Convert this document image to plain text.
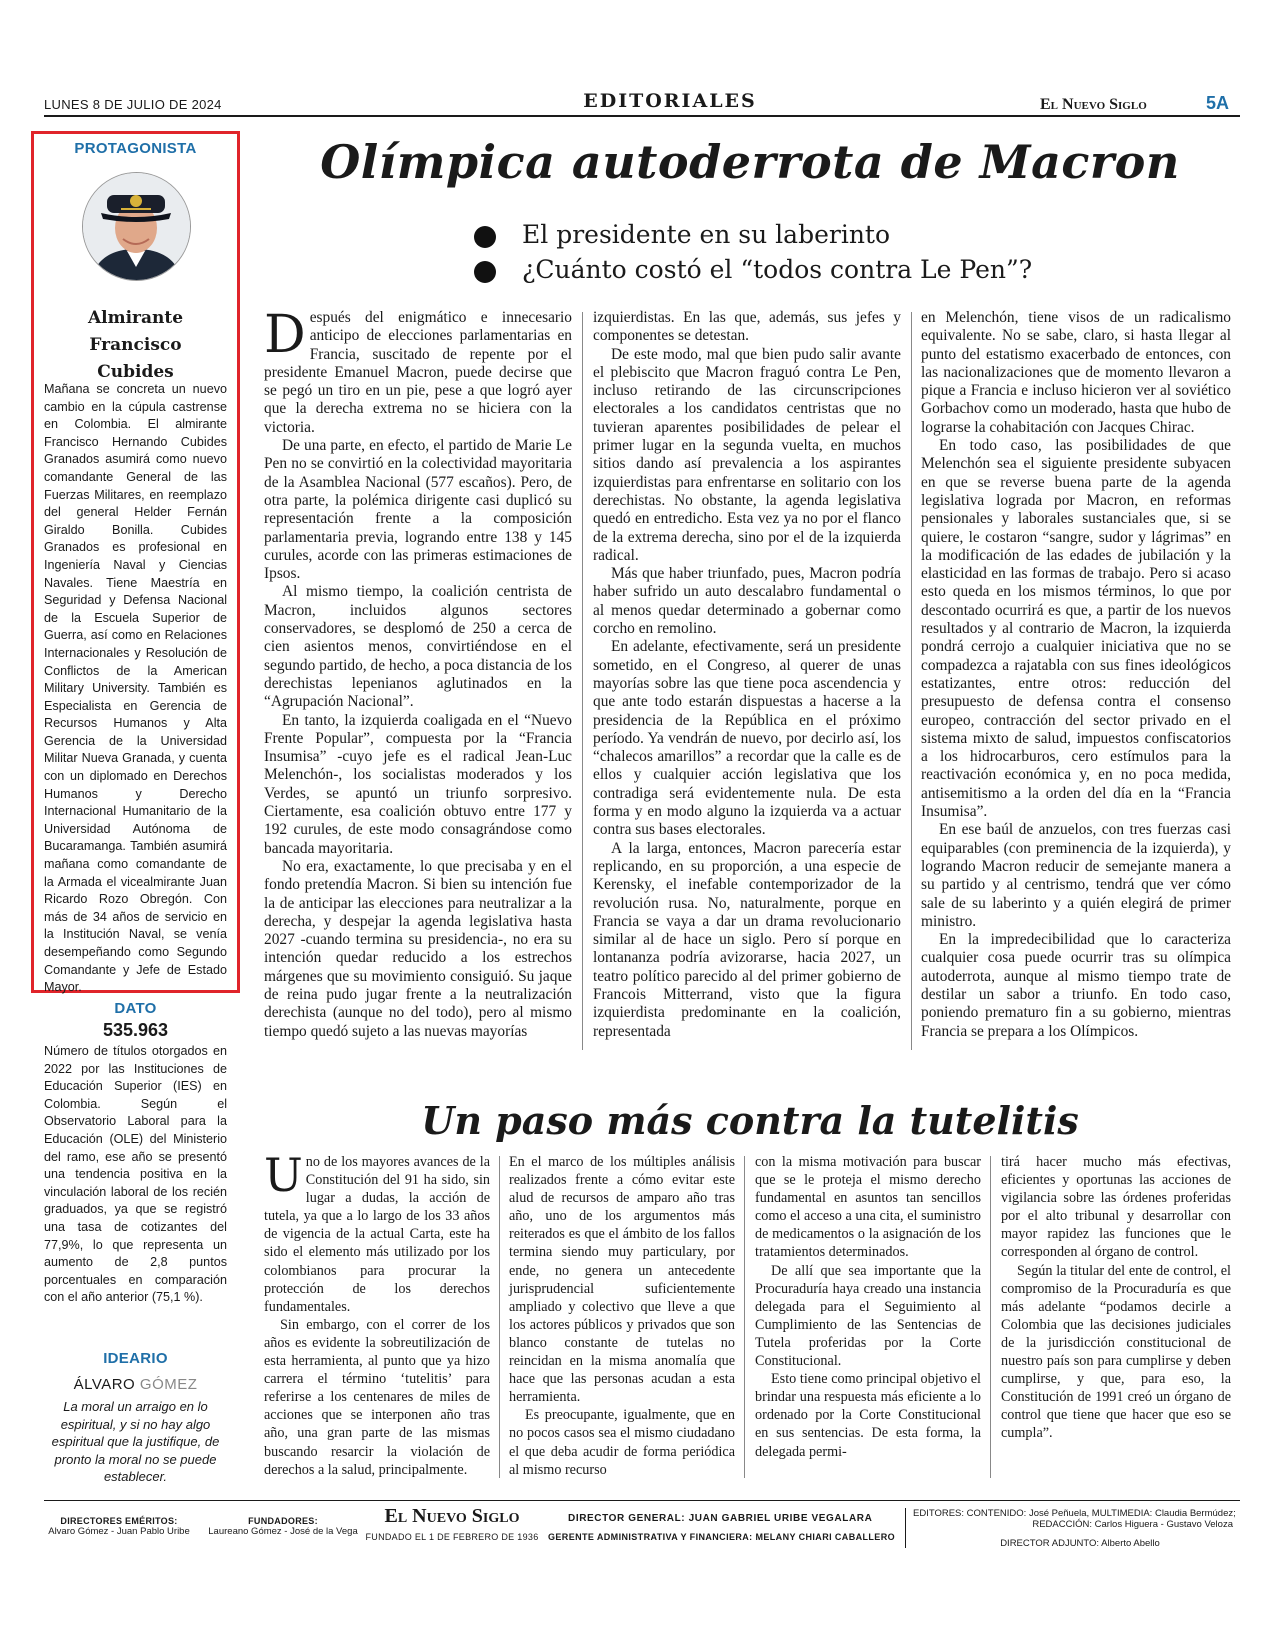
LUNES 8 DE JULIO DE 2024	EDITORIALES	El Nuevo Siglo	5A
PROTAGONISTA
Almirante
Francisco
Cubides
Mañana se concreta un nuevo cambio en la cúpula castrense en Colombia. El almirante Francisco Hernando Cubides Granados asumirá como nuevo comandante General de las Fuerzas Militares, en reemplazo del general Helder Fernán Giraldo Bonilla. Cubides Granados es profesional en Ingeniería Naval y Ciencias Navales. Tiene Maestría en Seguridad y Defensa Nacional de la Escuela Superior de Guerra, así como en Relaciones Internacionales y Resolución de Conflictos de la American Military University. También es Especialista en Gerencia de Recursos Humanos y Alta Gerencia de la Universidad Militar Nueva Granada, y cuenta con un diplomado en Derechos Humanos y Derecho Internacional Humanitario de la Universidad Autónoma de Bucaramanga. También asumirá mañana como comandante de la Armada el vicealmirante Juan Ricardo Rozo Obregón. Con más de 34 años de servicio en la Institución Naval, se venía desempeñando como Segundo Comandante y Jefe de Estado Mayor.
DATO
535.963
Número de títulos otorgados en 2022 por las Instituciones de Educación Superior (IES) en Colombia. Según el Observatorio Laboral para la Educación (OLE) del Ministerio del ramo, ese año se presentó una tendencia positiva en la vinculación laboral de los recién graduados, ya que se registró una tasa de cotizantes del 77,9%, lo que representa un aumento de 2,8 puntos porcentuales en comparación con el año anterior (75,1 %).
IDEARIO
ÁLVARO GÓMEZ
La moral un arraigo en lo espiritual, y si no hay algo espiritual que la justifique, de pronto la moral no se puede establecer.
Olímpica autoderrota de Macron
El presidente en su laberinto
¿Cuánto costó el “todos contra Le Pen”?

Después del enigmático e innecesario anticipo de elecciones parlamentarias en Francia, suscitado de repente por el presidente Emanuel Macron, puede decirse que se pegó un tiro en un pie, pese a que logró ayer que la derecha extrema no se hiciera con la victoria.

De una parte, en efecto, el partido de Marie Le Pen no se convirtió en la colectividad mayoritaria de la Asamblea Nacional (577 escaños). Pero, de otra parte, la polémica dirigente casi duplicó su representación frente a la composición parlamentaria previa, logrando entre 138 y 145 curules, acorde con las primeras estimaciones de Ipsos.

Al mismo tiempo, la coalición centrista de Macron, incluidos algunos sectores conservadores, se desplomó de 250 a cerca de cien asientos menos, convirtiéndose en el segundo partido, de hecho, a poca distancia de los derechistas lepenianos aglutinados en la “Agrupación Nacional”.

En tanto, la izquierda coaligada en el “Nuevo Frente Popular”, compuesta por la “Francia Insumisa” -cuyo jefe es el radical Jean-Luc Melenchón-, los socialistas moderados y los Verdes, se apuntó un triunfo sorpresivo. Ciertamente, esa coalición obtuvo entre 177 y 192 curules, de este modo consagrándose como bancada mayoritaria.

No era, exactamente, lo que precisaba y en el fondo pretendía Macron. Si bien su intención fue la de anticipar las elecciones para neutralizar a la derecha, y despejar la agenda legislativa hasta 2027 -cuando termina su presidencia-, no era su intención quedar reducido a los estrechos márgenes que su movimiento consiguió. Su jaque de reina pudo jugar frente a la neutralización derechista (aunque no del todo), pero al mismo tiempo quedó sujeto a las nuevas mayorías

izquierdistas. En las que, además, sus jefes y componentes se detestan.

De este modo, mal que bien pudo salir avante el plebiscito que Macron fraguó contra Le Pen, incluso retirando de las circunscripciones electorales a los candidatos centristas que no tuvieran aparentes posibilidades de pelear el primer lugar en la segunda vuelta, en muchos sitios dando así prevalencia a los aspirantes izquierdistas para enfrentarse en solitario con los derechistas. No obstante, la agenda legislativa quedó en entredicho. Esta vez ya no por el flanco de la extrema derecha, sino por el de la izquierda radical.

Más que haber triunfado, pues, Macron podría haber sufrido un auto descalabro fundamental o al menos quedar determinado a gobernar como corcho en remolino.

En adelante, efectivamente, será un presidente sometido, en el Congreso, al querer de unas mayorías sobre las que tiene poca ascendencia y que ante todo estarán dispuestas a hacerse a la presidencia de la República en el próximo período. Ya vendrán de nuevo, por decirlo así, los “chalecos amarillos” a recordar que la calle es de ellos y cualquier acción legislativa que los contradiga será evidentemente nula. De esta forma y en modo alguno la izquierda va a actuar contra sus bases electorales.

A la larga, entonces, Macron parecería estar replicando, en su proporción, a una especie de Kerensky, el inefable contemporizador de la revolución rusa. No, naturalmente, porque en Francia se vaya a dar un drama revolucionario similar al de hace un siglo. Pero sí porque en lontananza podría avizorarse, hacia 2027, un teatro político parecido al del primer gobierno de Francois Mitterrand, visto que la figura izquierdista predominante en la coalición, representada

en Melenchón, tiene visos de un radicalismo equivalente. No se sabe, claro, si hasta llegar al punto del estatismo exacerbado de entonces, con las nacionalizaciones que de momento llevaron a pique a Francia e incluso hicieron ver al soviético Gorbachov como un moderado, hasta que hubo de lograrse la cohabitación con Jacques Chirac.

En todo caso, las posibilidades de que Melenchón sea el siguiente presidente subyacen en que se reverse buena parte de la agenda legislativa lograda por Macron, en reformas pensionales y laborales sustanciales que, si se quiere, le costaron “sangre, sudor y lágrimas” en la modificación de las edades de jubilación y la elasticidad en las formas de trabajo. Pero si acaso esto queda en los mismos términos, lo que por descontado ocurrirá es que, a partir de los nuevos resultados y al contrario de Macron, la izquierda pondrá cerrojo a cualquier iniciativa que no se compadezca a rajatabla con sus fines ideológicos estatizantes, entre otros: reducción del presupuesto de defensa contra el consenso europeo, contracción del sector privado en el sistema mixto de salud, impuestos confiscatorios a los hidrocarburos, cero estímulos para la reactivación económica y, en no poca medida, antisemitismo a la orden del día en la “Francia Insumisa”.

En ese baúl de anzuelos, con tres fuerzas casi equiparables (con preminencia de la izquierda), y logrando Macron reducir de semejante manera a su partido y al centrismo, tendrá que ver cómo sale de su laberinto y a quién elegirá de primer ministro.

En la impredecibilidad que lo caracteriza cualquier cosa puede ocurrir tras su olímpica autoderrota, aunque al mismo tiempo trate de destilar un sabor a triunfo. En todo caso, poniendo prematuro fin a su gobierno, mientras Francia se prepara a los Olímpicos.

Un paso más contra la tutelitis

Uno de los mayores avances de la Constitución del 91 ha sido, sin lugar a dudas, la acción de tutela, ya que a lo largo de los 33 años de vigencia de la actual Carta, este ha sido el elemento más utilizado por los colombianos para procurar la protección de los derechos fundamentales.

Sin embargo, con el correr de los años es evidente la sobreutilización de esta herramienta, al punto que ya hizo carrera el término ‘tutelitis’ para referirse a los centenares de miles de acciones que se interponen año tras año, una gran parte de las mismas buscando resarcir la violación de derechos a la salud, principalmente.

En el marco de los múltiples análisis realizados frente a cómo evitar este alud de recursos de amparo año tras año, uno de los argumentos más reiterados es que el ámbito de los fallos termina siendo muy particulary, por ende, no genera un antecedente jurisprudencial suficientemente ampliado y colectivo que lleve a que los actores públicos y privados que son blanco constante de tutelas no reincidan en la misma anomalía que hace que las personas acudan a esta herramienta.

Es preocupante, igualmente, que en no pocos casos sea el mismo ciudadano el que deba acudir de forma periódica al mismo recurso

con la misma motivación para buscar que se le proteja el mismo derecho fundamental en asuntos tan sencillos como el acceso a una cita, el suministro de medicamentos o la asignación de los tratamientos determinados.

De allí que sea importante que la Procuraduría haya creado una instancia delegada para el Seguimiento al Cumplimiento de las Sentencias de Tutela proferidas por la Corte Constitucional.

Esto tiene como principal objetivo el brindar una respuesta más eficiente a lo ordenado por la Corte Constitucional en sus sentencias. De esta forma, la delegada permi-

tirá hacer mucho más efectivas, eficientes y oportunas las acciones de vigilancia sobre las órdenes proferidas por el alto tribunal y desarrollar con mayor rapidez las funciones que le corresponden al órgano de control.

Según la titular del ente de control, el compromiso de la Procuraduría es que más adelante “podamos decirle a Colombia que las decisiones judiciales de la jurisdicción constitucional de nuestro país son para cumplirse y deben cumplirse, y que, para eso, la Constitución de 1991 creó un órgano de control que tiene que hacer que eso se cumpla”.

DIRECTORES EMÉRITOS:
Alvaro Gómez - Juan Pablo Uribe
FUNDADORES:
Laureano Gómez - José de la Vega
El Nuevo Siglo
FUNDADO EL 1 DE FEBRERO DE 1936
DIRECTOR GENERAL: JUAN GABRIEL URIBE VEGALARA
GERENTE ADMINISTRATIVA Y FINANCIERA: MELANY CHIARI CABALLERO
EDITORES: CONTENIDO: José Peñuela, MULTIMEDIA: Claudia Bermúdez;
REDACCIÓN: Carlos Higuera - Gustavo Veloza
DIRECTOR ADJUNTO: Alberto Abello
